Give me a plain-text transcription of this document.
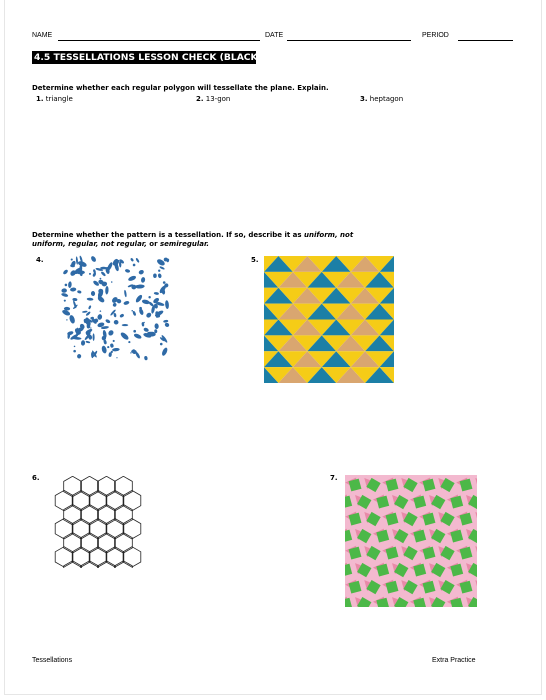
NAME	DATE	PERIOD
4.5 TESSELLATIONS LESSON CHECK (BLACK)
Determine whether each regular polygon will tessellate the plane. Explain.
1. triangle	2. 13-gon	3. heptagon
Determine whether the pattern is a tessellation. If so, describe it as uniform, not uniform, regular, not regular, or semiregular.
4.	5.
6.	7.
Tessellations	Extra Practice
